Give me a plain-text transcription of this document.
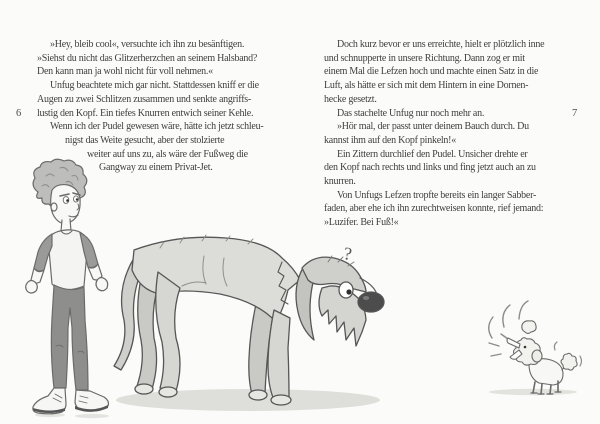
6	7
»Hey, bleib cool«, versuchte ich ihn zu besänftigen.
»Siehst du nicht das Glitzerherzchen an seinem Halsband?
Den kann man ja wohl nicht für voll nehmen.«
Unfug beachtete mich gar nicht. Stattdessen kniff er die
Augen zu zwei Schlitzen zusammen und senkte angriffs-
lustig den Kopf. Ein tiefes Knurren entwich seiner Kehle.
Wenn ich der Pudel gewesen wäre, hätte ich jetzt schleu-
nigst das Weite gesucht, aber der stolzierte
weiter auf uns zu, als wäre der Fußweg die
Gangway zu einem Privat-Jet.
Doch kurz bevor er uns erreichte, hielt er plötzlich inne
und schnupperte in unsere Richtung. Dann zog er mit
einem Mal die Lefzen hoch und machte einen Satz in die
Luft, als hätte er sich mit dem Hintern in eine Dornen-
hecke gesetzt.
Das stachelte Unfug nur noch mehr an.
»Hör mal, der passt unter deinem Bauch durch. Du
kannst ihm auf den Kopf pinkeln!«
Ein Zittern durchlief den Pudel. Unsicher drehte er
den Kopf nach rechts und links und fing jetzt auch an zu
knurren.
Von Unfugs Lefzen tropfte bereits ein langer Sabber-
faden, aber ehe ich ihn zurechtweisen konnte, rief jemand:
»Luzifer. Bei Fuß!«
?
